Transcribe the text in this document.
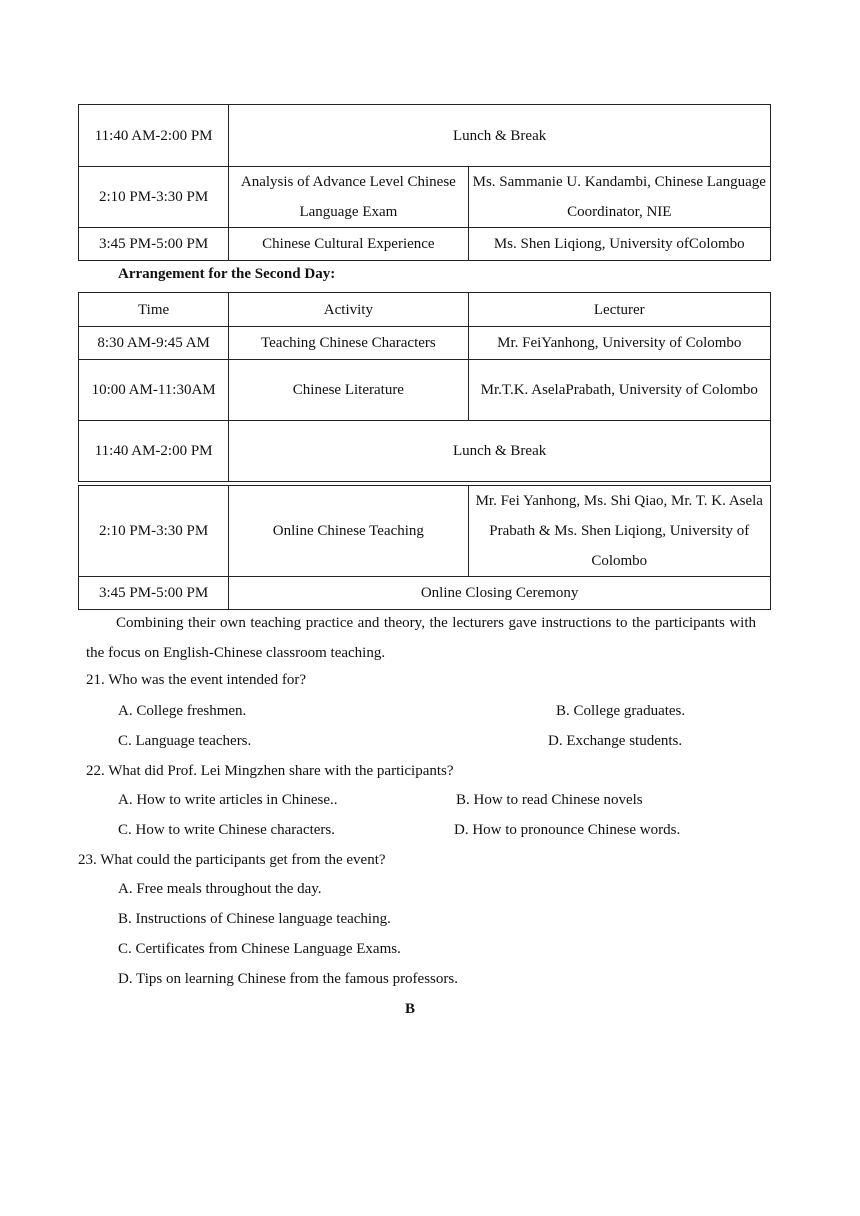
11:40 AM-2:00 PM	Lunch & Break	
2:10 PM-3:30 PM	Analysis of Advance Level Chinese Language Exam	Ms. Sammanie U. Kandambi, Chinese Language Coordinator, NIE
3:45 PM-5:00 PM	Chinese Cultural Experience	Ms. Shen Liqiong, University ofColombo
Arrangement for the Second Day:
Time	Activity	Lecturer
8:30 AM-9:45 AM	Teaching Chinese Characters	Mr. FeiYanhong, University of Colombo
10:00 AM-11:30AM	Chinese Literature	Mr.T.K. AselaPrabath, University of Colombo
11:40 AM-2:00 PM	Lunch & Break	
2:10 PM-3:30 PM	Online Chinese Teaching	Mr. Fei Yanhong, Ms. Shi Qiao, Mr. T. K. Asela Prabath & Ms. Shen Liqiong, University of Colombo
3:45 PM-5:00 PM	Online Closing Ceremony	
Combining their own teaching practice and theory, the lecturers gave instructions to the participants with the focus on English-Chinese classroom teaching.
21. Who was the event intended for?
A. College freshmen.	B. College graduates.
C. Language teachers.	D. Exchange students.
22. What did Prof. Lei Mingzhen share with the participants?
A. How to write articles in Chinese..	B. How to read Chinese novels
C. How to write Chinese characters.	D. How to pronounce Chinese words.
23. What could the participants get from the event?
A. Free meals throughout the day.
B. Instructions of Chinese language teaching.
C. Certificates from Chinese Language Exams.
D. Tips on learning Chinese from the famous professors.
B
